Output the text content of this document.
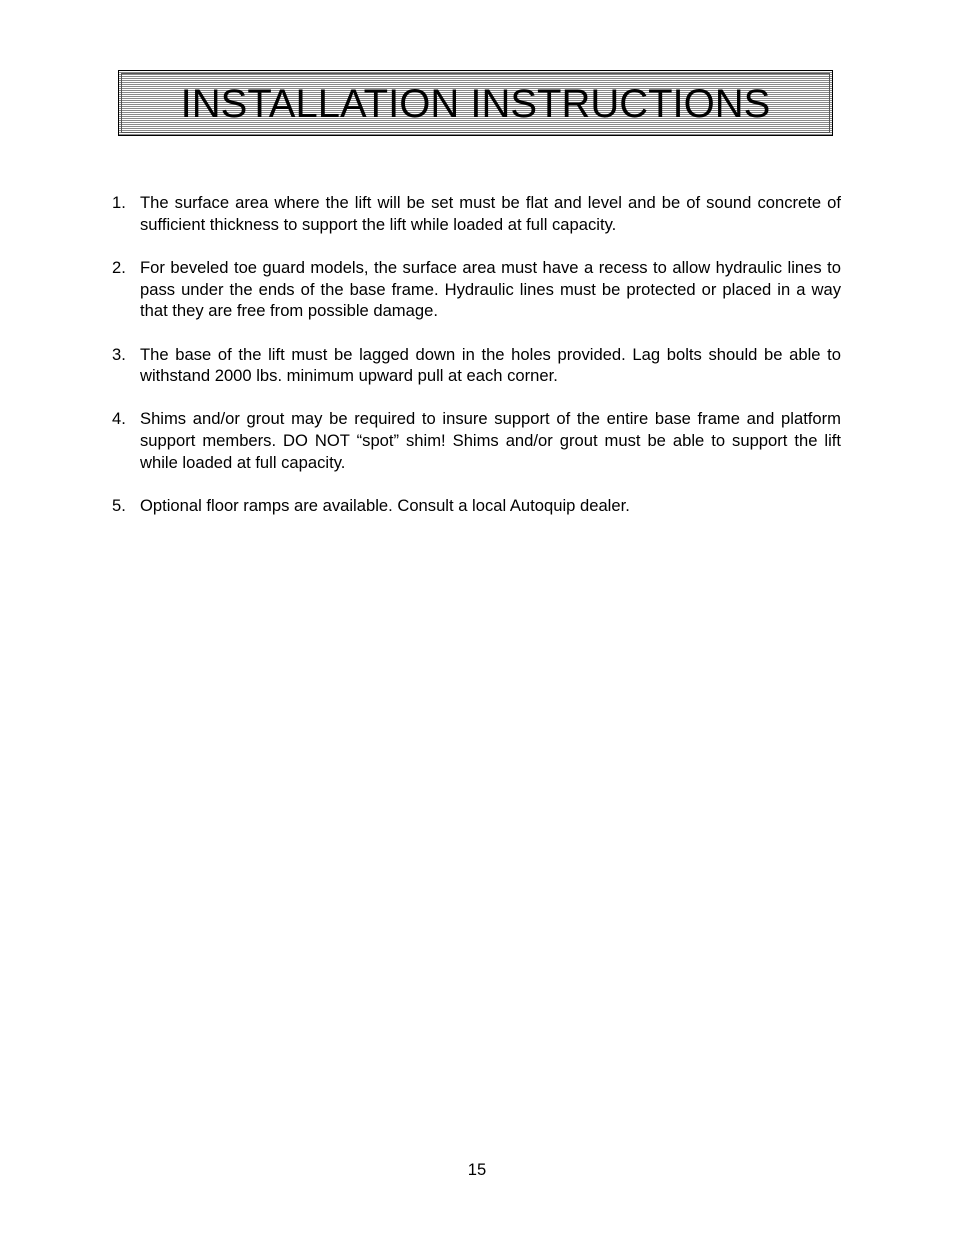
INSTALLATION INSTRUCTIONS
1. The surface area where the lift will be set must be flat and level and be of sound concrete of sufficient thickness to support the lift while loaded at full capacity.
2. For beveled toe guard models, the surface area must have a recess to allow hydraulic lines to pass under the ends of the base frame. Hydraulic lines must be protected or placed in a way that they are free from possible damage.
3. The base of the lift must be lagged down in the holes provided. Lag bolts should be able to withstand 2000 lbs. minimum upward pull at each corner.
4. Shims and/or grout may be required to insure support of the entire base frame and platform support members. DO NOT “spot” shim! Shims and/or grout must be able to support the lift while loaded at full capacity.
5. Optional floor ramps are available. Consult a local Autoquip dealer.
15
